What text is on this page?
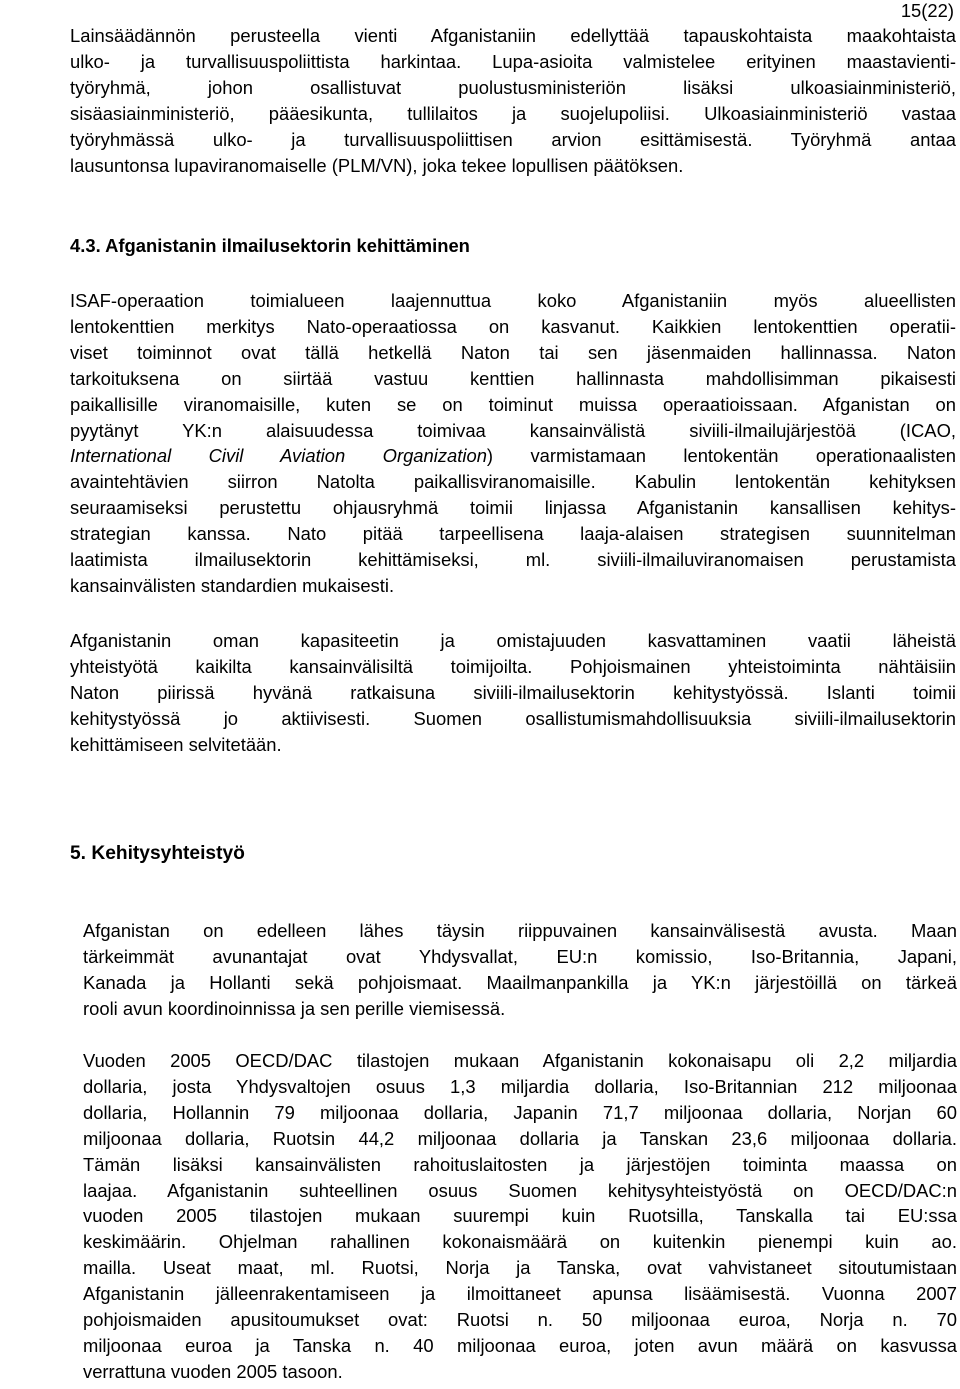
15(22)
Lainsäädännön perusteella vienti Afganistaniin edellyttää tapauskohtaista maakohtaista
ulko- ja turvallisuuspoliittista harkintaa. Lupa-asioita valmistelee erityinen maastavienti-
työryhmä, johon osallistuvat puolustusministeriön lisäksi ulkoasiainministeriö,
sisäasiainministeriö, pääesikunta, tullilaitos ja suojelupoliisi. Ulkoasiainministeriö vastaa
työryhmässä ulko- ja turvallisuuspoliittisen arvion esittämisestä. Työryhmä antaa
lausuntonsa lupaviranomaiselle (PLM/VN), joka tekee lopullisen päätöksen.
4.3. Afganistanin ilmailusektorin kehittäminen
ISAF-operaation toimialueen laajennuttua koko Afganistaniin myös alueellisten
lentokenttien merkitys Nato-operaatiossa on kasvanut. Kaikkien lentokenttien operatii-
viset toiminnot ovat tällä hetkellä Naton tai sen jäsenmaiden hallinnassa. Naton
tarkoituksena on siirtää vastuu kenttien hallinnasta mahdollisimman pikaisesti
paikallisille viranomaisille, kuten se on toiminut muissa operaatioissaan. Afganistan on
pyytänyt YK:n alaisuudessa toimivaa kansainvälistä siviili-ilmailujärjestöä (ICAO,
International Civil Aviation Organization) varmistamaan lentokentän operationaalisten
avaintehtävien siirron Natolta paikallisviranomaisille. Kabulin lentokentän kehityksen
seuraamiseksi perustettu ohjausryhmä toimii linjassa Afganistanin kansallisen kehitys-
strategian kanssa. Nato pitää tarpeellisena laaja-alaisen strategisen suunnitelman
laatimista ilmailusektorin kehittämiseksi, ml. siviili-ilmailuviranomaisen perustamista
kansainvälisten standardien mukaisesti.
Afganistanin oman kapasiteetin ja omistajuuden kasvattaminen vaatii läheistä
yhteistyötä kaikilta kansainvälisiltä toimijoilta. Pohjoismainen yhteistoiminta nähtäisiin
Naton piirissä hyvänä ratkaisuna siviili-ilmailusektorin kehitystyössä. Islanti toimii
kehitystyössä jo aktiivisesti. Suomen osallistumismahdollisuuksia siviili-ilmailusektorin
kehittämiseen selvitetään.
5. Kehitysyhteistyö
Afganistan on edelleen lähes täysin riippuvainen kansainvälisestä avusta. Maan
tärkeimmät avunantajat ovat Yhdysvallat, EU:n komissio, Iso-Britannia, Japani,
Kanada ja Hollanti sekä pohjoismaat. Maailmanpankilla ja YK:n järjestöillä on tärkeä
rooli avun koordinoinnissa ja sen perille viemisessä.
Vuoden 2005 OECD/DAC tilastojen mukaan Afganistanin kokonaisapu oli 2,2 miljardia
dollaria, josta Yhdysvaltojen osuus 1,3 miljardia dollaria, Iso-Britannian 212 miljoonaa
dollaria, Hollannin 79 miljoonaa dollaria, Japanin 71,7 miljoonaa dollaria, Norjan 60
miljoonaa dollaria, Ruotsin 44,2 miljoonaa dollaria ja Tanskan 23,6 miljoonaa dollaria.
Tämän lisäksi kansainvälisten rahoituslaitosten ja järjestöjen toiminta maassa on
laajaa. Afganistanin suhteellinen osuus Suomen kehitysyhteistyöstä on OECD/DAC:n
vuoden 2005 tilastojen mukaan suurempi kuin Ruotsilla, Tanskalla tai EU:ssa
keskimäärin. Ohjelman rahallinen kokonaismäärä on kuitenkin pienempi kuin ao.
mailla. Useat maat, ml. Ruotsi, Norja ja Tanska, ovat vahvistaneet sitoutumistaan
Afganistanin jälleenrakentamiseen ja ilmoittaneet apunsa lisäämisestä. Vuonna 2007
pohjoismaiden apusitoumukset ovat: Ruotsi n. 50 miljoonaa euroa, Norja n. 70
miljoonaa euroa ja Tanska n. 40 miljoonaa euroa, joten avun määrä on kasvussa
verrattuna vuoden 2005 tasoon.
